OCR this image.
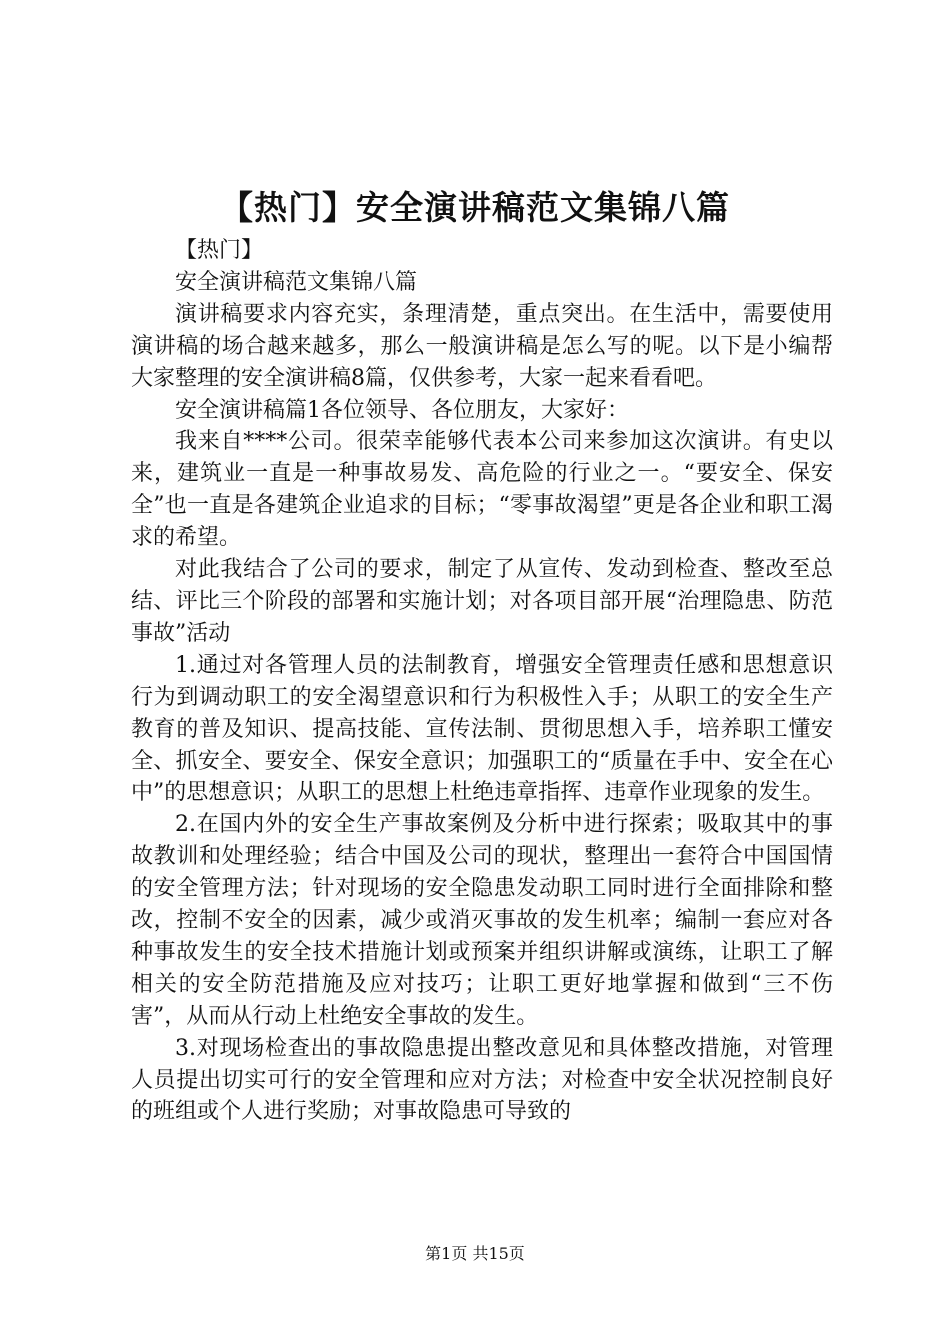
【热门】安全演讲稿范文集锦八篇

【热门】

安全演讲稿范文集锦八篇

演讲稿要求内容充实，条理清楚，重点突出。在生活中，需要使用演讲稿的场合越来越多，那么一般演讲稿是怎么写的呢。以下是小编帮大家整理的安全演讲稿8篇，仅供参考，大家一起来看看吧。

安全演讲稿篇1各位领导、各位朋友，大家好：

我来自****公司。很荣幸能够代表本公司来参加这次演讲。有史以来，建筑业一直是一种事故易发、高危险的行业之一。“要安全、保安全”也一直是各建筑企业追求的目标；“零事故渴望”更是各企业和职工渴求的希望。

对此我结合了公司的要求，制定了从宣传、发动到检查、整改至总结、评比三个阶段的部署和实施计划；对各项目部开展“治理隐患、防范事故”活动

1.通过对各管理人员的法制教育，增强安全管理责任感和思想意识行为到调动职工的安全渴望意识和行为积极性入手；从职工的安全生产教育的普及知识、提高技能、宣传法制、贯彻思想入手，培养职工懂安全、抓安全、要安全、保安全意识；加强职工的“质量在手中、安全在心中”的思想意识；从职工的思想上杜绝违章指挥、违章作业现象的发生。

2.在国内外的安全生产事故案例及分析中进行探索；吸取其中的事故教训和处理经验；结合中国及公司的现状，整理出一套符合中国国情的安全管理方法；针对现场的安全隐患发动职工同时进行全面排除和整改，控制不安全的因素，减少或消灭事故的发生机率；编制一套应对各种事故发生的安全技术措施计划或预案并组织讲解或演练，让职工了解相关的安全防范措施及应对技巧；让职工更好地掌握和做到“三不伤害”，从而从行动上杜绝安全事故的发生。

3.对现场检查出的事故隐患提出整改意见和具体整改措施，对管理人员提出切实可行的安全管理和应对方法；对检查中安全状况控制良好的班组或个人进行奖励；对事故隐患可导致的

第1页 共15页
